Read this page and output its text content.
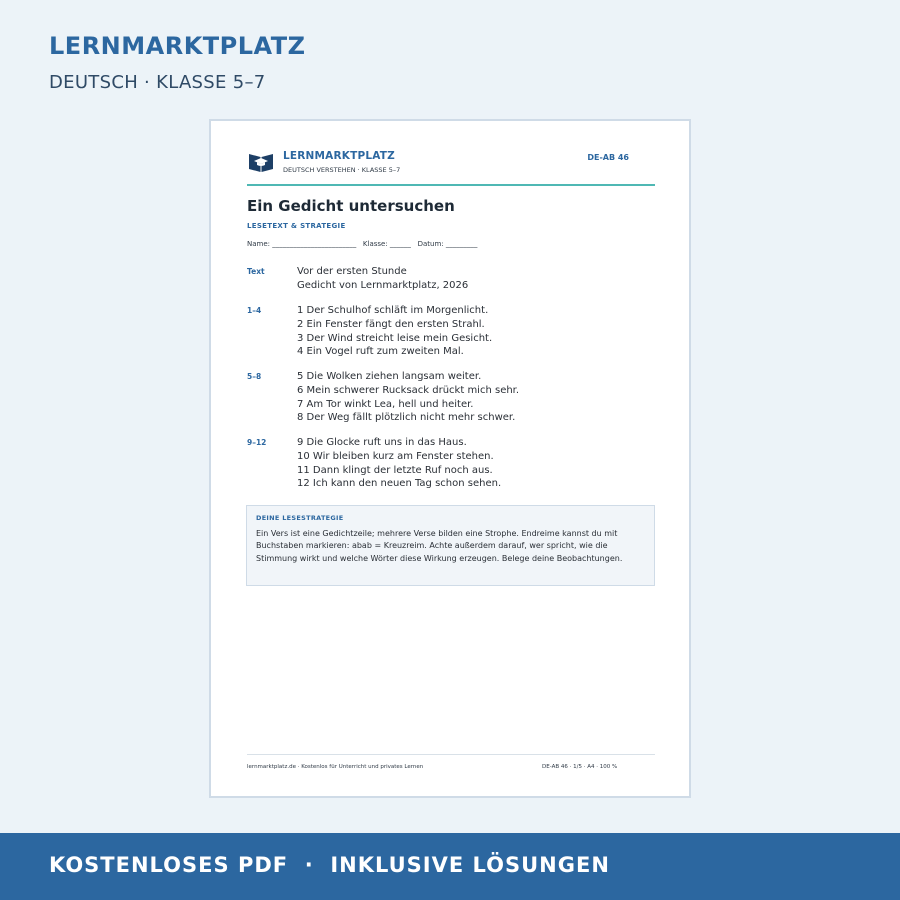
LERNMARKTPLATZ
DEUTSCH · KLASSE 5–7
LERNMARKTPLATZ
DEUTSCH VERSTEHEN · KLASSE 5–7
DE-AB 46
Ein Gedicht untersuchen
LESETEXT & STRATEGIE
Name: ________________________   Klasse: ______   Datum: _________
Text	Vor der ersten Stunde
Gedicht von Lernmarktplatz, 2026
1–4	1 Der Schulhof schläft im Morgenlicht.
2 Ein Fenster fängt den ersten Strahl.
3 Der Wind streicht leise mein Gesicht.
4 Ein Vogel ruft zum zweiten Mal.
5–8	5 Die Wolken ziehen langsam weiter.
6 Mein schwerer Rucksack drückt mich sehr.
7 Am Tor winkt Lea, hell und heiter.
8 Der Weg fällt plötzlich nicht mehr schwer.
9–12	9 Die Glocke ruft uns in das Haus.
10 Wir bleiben kurz am Fenster stehen.
11 Dann klingt der letzte Ruf noch aus.
12 Ich kann den neuen Tag schon sehen.
DEINE LESESTRATEGIE
Ein Vers ist eine Gedichtzeile; mehrere Verse bilden eine Strophe. Endreime kannst du mit Buchstaben markieren: abab = Kreuzreim. Achte außerdem darauf, wer spricht, wie die Stimmung wirkt und welche Wörter diese Wirkung erzeugen. Belege deine Beobachtungen.
lernmarktplatz.de · Kostenlos für Unterricht und privates Lernen	DE-AB 46 · 1/5 · A4 · 100 %
KOSTENLOSES PDF  ·  INKLUSIVE LÖSUNGEN
